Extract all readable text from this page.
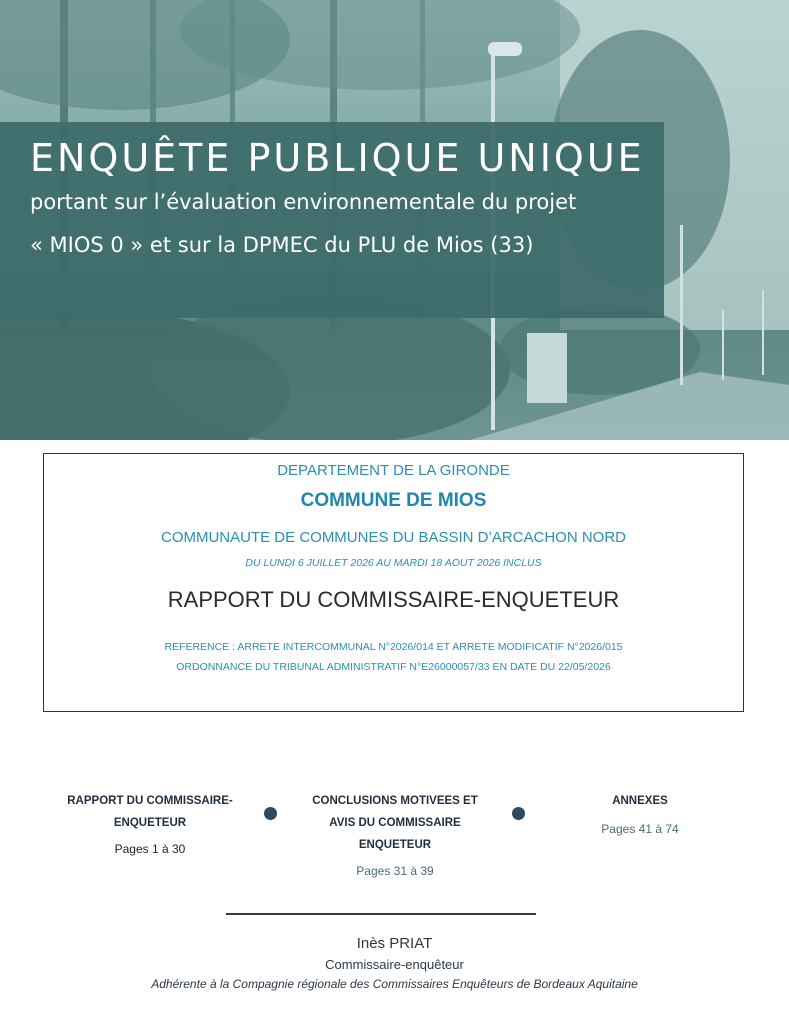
ENQUÊTE PUBLIQUE UNIQUE
portant sur l’évaluation environnementale du projet
« MIOS 0 » et sur la DPMEC du PLU de Mios (33)
DEPARTEMENT DE LA GIRONDE
COMMUNE DE MIOS
COMMUNAUTE DE COMMUNES DU BASSIN D’ARCACHON NORD
DU LUNDI 6 JUILLET 2026 AU MARDI 18 AOUT 2026 INCLUS
RAPPORT DU COMMISSAIRE-ENQUETEUR
REFERENCE : ARRETE INTERCOMMUNAL N°2026/014 ET ARRETE MODIFICATIF N°2026/015
ORDONNANCE DU TRIBUNAL ADMINISTRATIF N°E26000057/33 EN DATE DU 22/05/2026
RAPPORT DU COMMISSAIRE-
ENQUETEUR
Pages 1 à 30
CONCLUSIONS MOTIVEES ET
AVIS DU COMMISSAIRE
ENQUETEUR
Pages 31 à 39
ANNEXES
Pages 41 à 74
Inès PRIAT
Commissaire-enquêteur
Adhérente à la Compagnie régionale des Commissaires Enquêteurs de Bordeaux Aquitaine
